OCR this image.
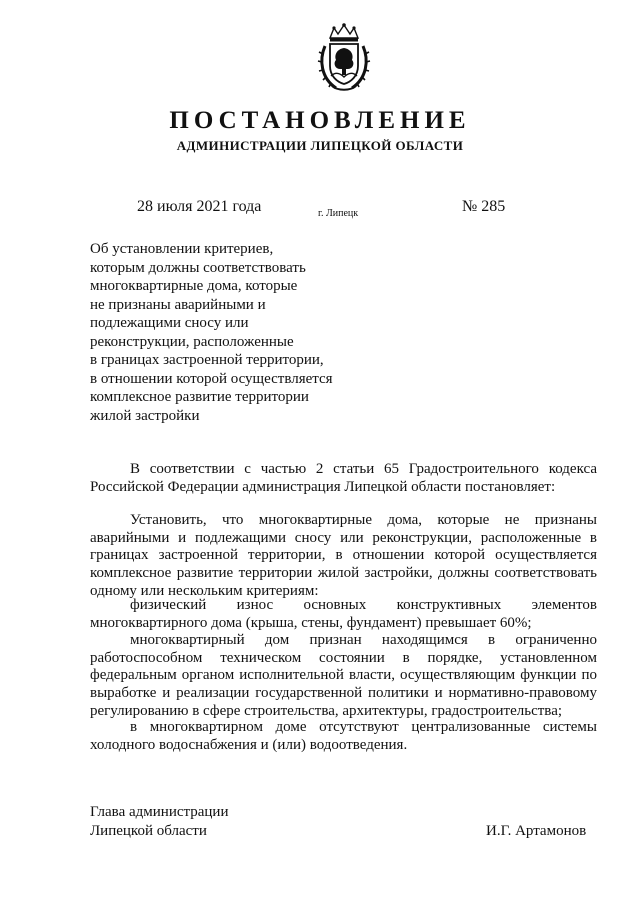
ПОСТАНОВЛЕНИЕ
АДМИНИСТРАЦИИ ЛИПЕЦКОЙ ОБЛАСТИ
28 июля 2021 года	г. Липецк	№ 285
Об установлении критериев,
которым должны соответствовать
многоквартирные дома, которые
не признаны аварийными и
подлежащими сносу или
реконструкции, расположенные
в границах застроенной территории,
в отношении которой осуществляется
комплексное развитие территории
жилой застройки

В соответствии с частью 2 статьи 65 Градостроительного кодекса Российской Федерации администрация Липецкой области постановляет:

Установить, что многоквартирные дома, которые не признаны аварийными и подлежащими сносу или реконструкции, расположенные в границах застроенной территории, в отношении которой осуществляется комплексное развитие территории жилой застройки, должны соответствовать одному или нескольким критериям:

физический износ основных конструктивных элементов многоквартирного дома (крыша, стены, фундамент) превышает 60%;

многоквартирный дом признан находящимся в ограниченно работоспособном техническом состоянии в порядке, установленном федеральным органом исполнительной власти, осуществляющим функции по выработке и реализации государственной политики и нормативно-правовому регулированию в сфере строительства, архитектуры, градостроительства;

в многоквартирном доме отсутствуют централизованные системы холодного водоснабжения и (или) водоотведения.

Глава администрации
Липецкой области	И.Г. Артамонов
